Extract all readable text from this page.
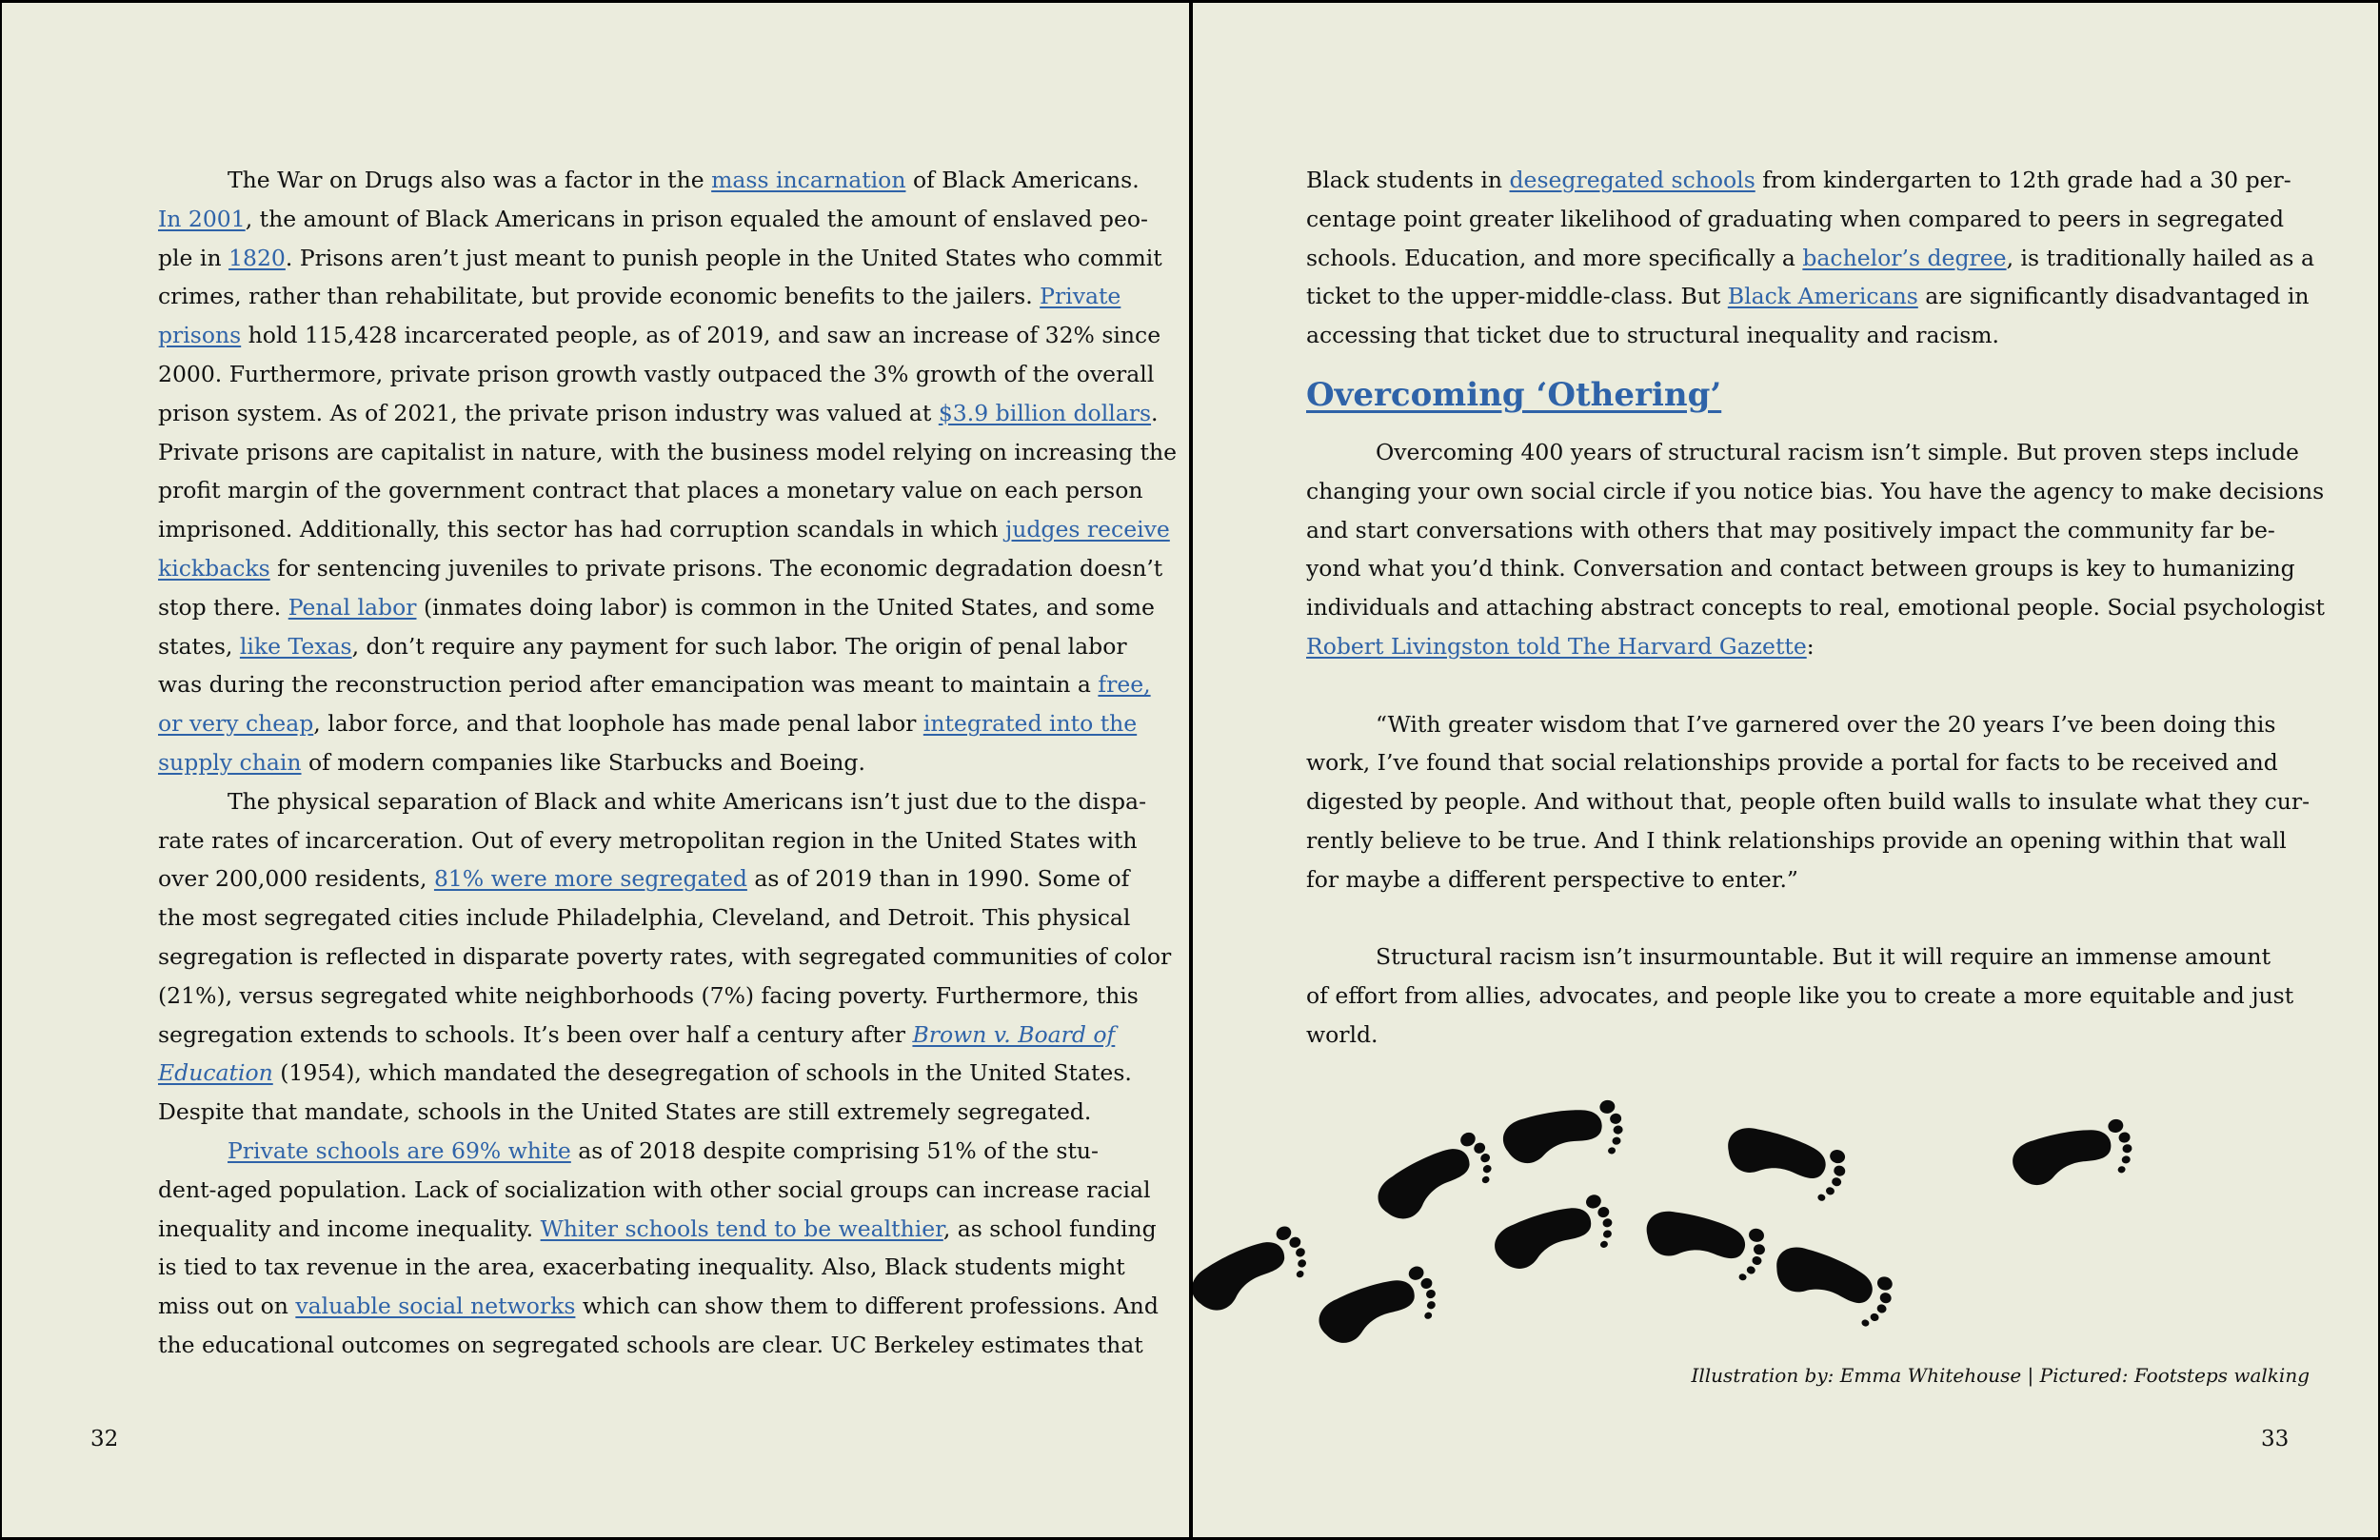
The War on Drugs also was a factor in the mass incarnation of Black Americans.
In 2001, the amount of Black Americans in prison equaled the amount of enslaved peo-
ple in 1820. Prisons aren’t just meant to punish people in the United States who commit
crimes, rather than rehabilitate, but provide economic benefits to the jailers. Private
prisons hold 115,428 incarcerated people, as of 2019, and saw an increase of 32% since
2000. Furthermore, private prison growth vastly outpaced the 3% growth of the overall
prison system. As of 2021, the private prison industry was valued at $3.9 billion dollars.
Private prisons are capitalist in nature, with the business model relying on increasing the
profit margin of the government contract that places a monetary value on each person
imprisoned. Additionally, this sector has had corruption scandals in which judges receive
kickbacks for sentencing juveniles to private prisons. The economic degradation doesn’t
stop there. Penal labor (inmates doing labor) is common in the United States, and some
states, like Texas, don’t require any payment for such labor. The origin of penal labor
was during the reconstruction period after emancipation was meant to maintain a free,
or very cheap, labor force, and that loophole has made penal labor integrated into the
supply chain of modern companies like Starbucks and Boeing.
The physical separation of Black and white Americans isn’t just due to the dispa-
rate rates of incarceration. Out of every metropolitan region in the United States with
over 200,000 residents, 81% were more segregated as of 2019 than in 1990. Some of
the most segregated cities include Philadelphia, Cleveland, and Detroit. This physical
segregation is reflected in disparate poverty rates, with segregated communities of color
(21%), versus segregated white neighborhoods (7%) facing poverty. Furthermore, this
segregation extends to schools. It’s been over half a century after Brown v. Board of
Education (1954), which mandated the desegregation of schools in the United States.
Despite that mandate, schools in the United States are still extremely segregated.
Private schools are 69% white as of 2018 despite comprising 51% of the stu-
dent-aged population. Lack of socialization with other social groups can increase racial
inequality and income inequality. Whiter schools tend to be wealthier, as school funding
is tied to tax revenue in the area, exacerbating inequality. Also, Black students might
miss out on valuable social networks which can show them to different professions. And
the educational outcomes on segregated schools are clear. UC Berkeley estimates that
32
Black students in desegregated schools from kindergarten to 12th grade had a 30 per-
centage point greater likelihood of graduating when compared to peers in segregated
schools. Education, and more specifically a bachelor’s degree, is traditionally hailed as a
ticket to the upper-middle-class. But Black Americans are significantly disadvantaged in
accessing that ticket due to structural inequality and racism.
Overcoming ‘Othering’
Overcoming 400 years of structural racism isn’t simple. But proven steps include
changing your own social circle if you notice bias. You have the agency to make decisions
and start conversations with others that may positively impact the community far be-
yond what you’d think. Conversation and contact between groups is key to humanizing
individuals and attaching abstract concepts to real, emotional people. Social psychologist
Robert Livingston told The Harvard Gazette:
“With greater wisdom that I’ve garnered over the 20 years I’ve been doing this
work, I’ve found that social relationships provide a portal for facts to be received and
digested by people. And without that, people often build walls to insulate what they cur-
rently believe to be true. And I think relationships provide an opening within that wall
for maybe a different perspective to enter.”
Structural racism isn’t insurmountable. But it will require an immense amount
of effort from allies, advocates, and people like you to create a more equitable and just
world.
Illustration by: Emma Whitehouse | Pictured: Footsteps walking
33
